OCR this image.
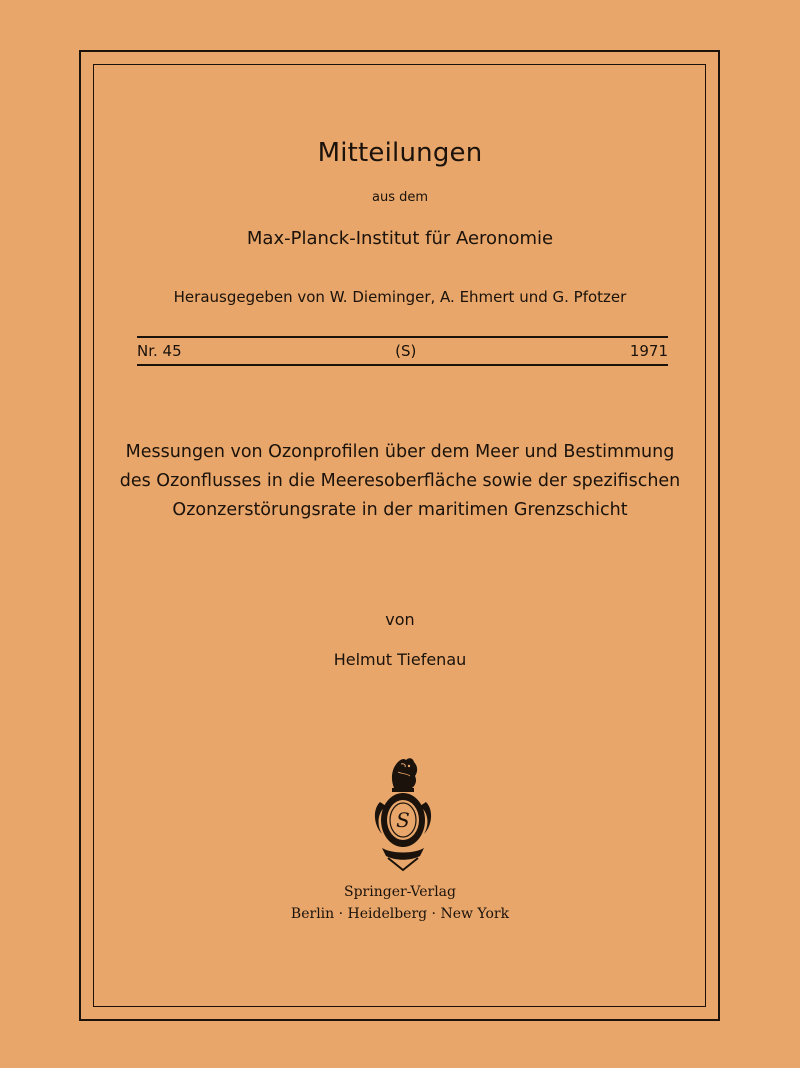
Mitteilungen
aus dem
Max-Planck-Institut für Aeronomie
Herausgegeben von W. Dieminger, A. Ehmert und G. Pfotzer
Nr. 45	(S)	1971
Messungen von Ozonprofilen über dem Meer und Bestimmung
des Ozonflusses in die Meeresoberfläche sowie der spezifischen
Ozonzerstörungsrate in der maritimen Grenzschicht
von
Helmut Tiefenau
S
Springer-Verlag
Berlin · Heidelberg · New York
